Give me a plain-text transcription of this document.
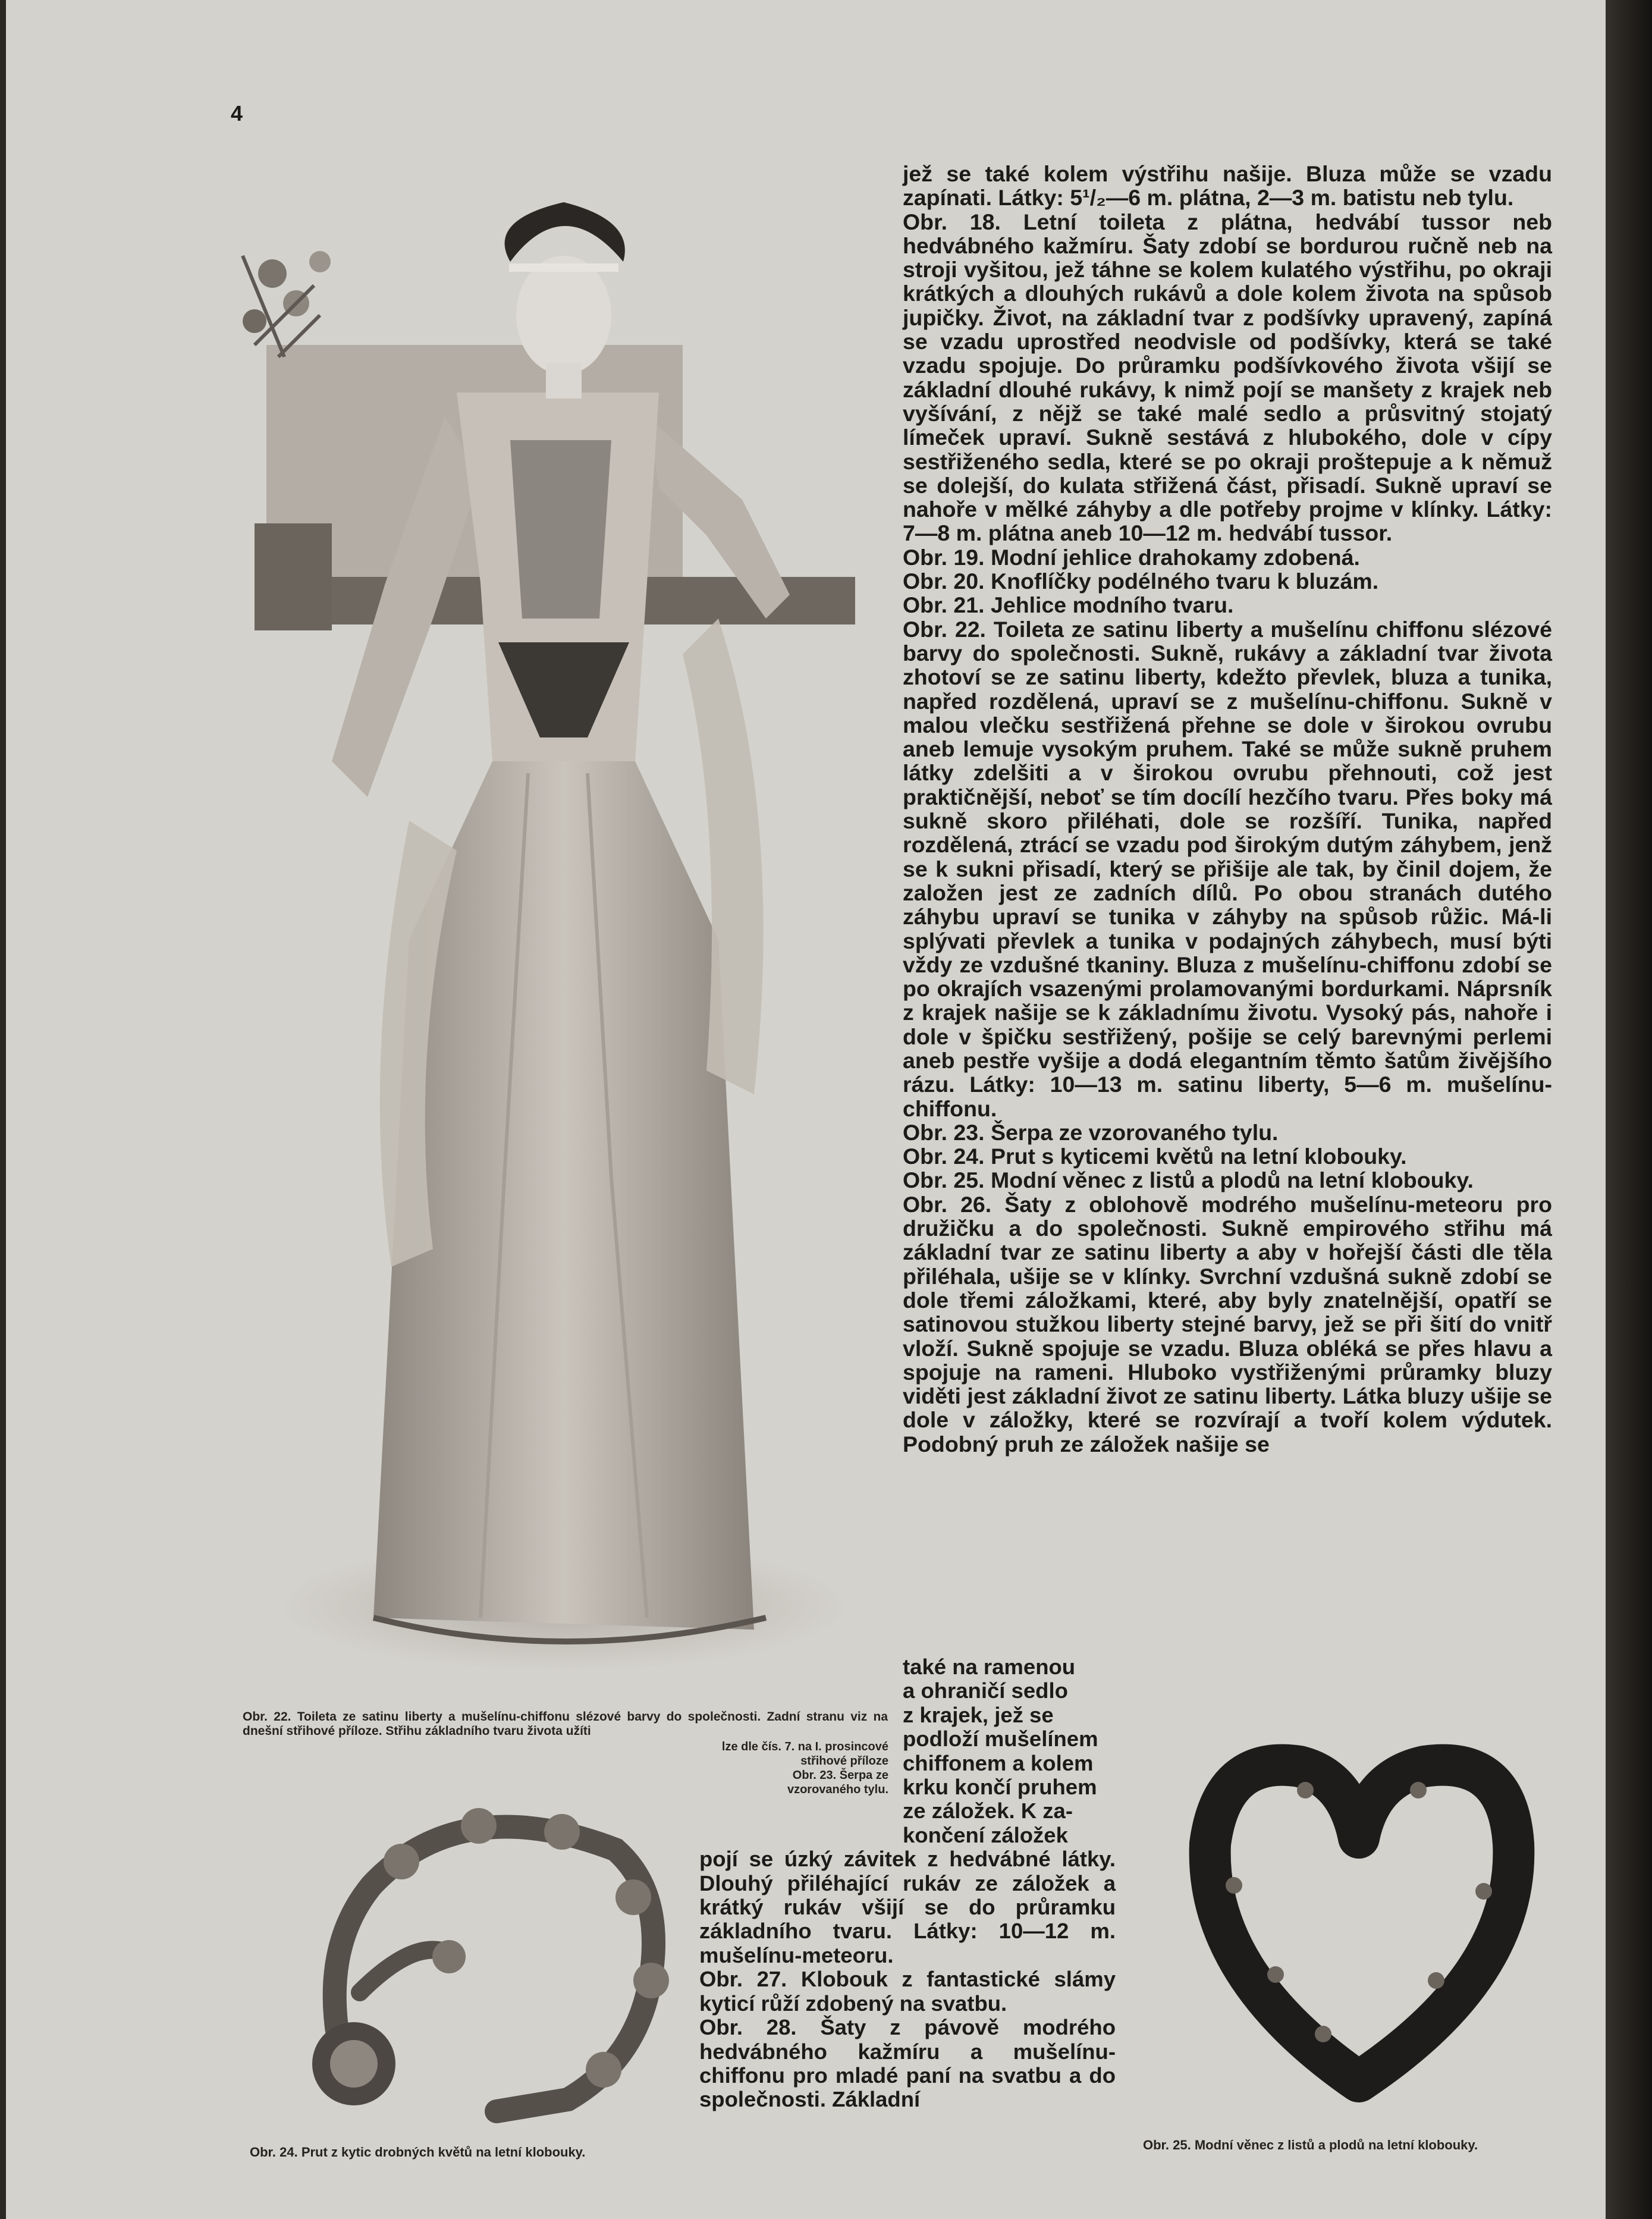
4
jež se také kolem výstřihu našije. Bluza může se vzadu zapínati. Látky: 5¹/₂—6 m. plátna, 2—3 m. batistu neb tylu.
Obr. 18. Letní toileta z plátna, hedvábí tussor neb hedvábného kažmíru. Šaty zdobí se bordurou ručně neb na stroji vyšitou, jež táhne se kolem kulatého výstřihu, po okraji krátkých a dlouhých rukávů a dole kolem života na spůsob jupičky. Život, na základní tvar z podšívky upravený, zapíná se vzadu uprostřed neodvisle od podšívky, která se také vzadu spojuje. Do průramku podšívkového života všijí se základní dlouhé rukávy, k nimž pojí se manšety z krajek neb vyšívání, z nějž se také malé sedlo a průsvitný stojatý límeček upraví. Sukně sestává z hlubokého, dole v cípy sestřiženého sedla, které se po okraji proštepuje a k němuž se dolejší, do kulata střižená část, přisadí. Sukně upraví se nahoře v mělké záhyby a dle potřeby projme v klínky. Látky: 7—8 m. plátna aneb 10—12 m. hedvábí tussor.
Obr. 19. Modní jehlice drahokamy zdobená.
Obr. 20. Knoflíčky podélného tvaru k bluzám.
Obr. 21. Jehlice modního tvaru.
Obr. 22. Toileta ze satinu liberty a mušelínu chiffonu slézové barvy do společnosti. Sukně, rukávy a základní tvar života zhotoví se ze satinu liberty, kdežto převlek, bluza a tunika, napřed rozdělená, upraví se z mušelínu-chiffonu. Sukně v malou vlečku sestřižená přehne se dole v širokou ovrubu aneb lemuje vysokým pruhem. Také se může sukně pruhem látky zdelšiti a v širokou ovrubu přehnouti, což jest praktičnější, neboť se tím docílí hezčího tvaru. Přes boky má sukně skoro přiléhati, dole se rozšíří. Tunika, napřed rozdělená, ztrácí se vzadu pod širokým dutým záhybem, jenž se k sukni přisadí, který se přišije ale tak, by činil dojem, že založen jest ze zadních dílů. Po obou stranách dutého záhybu upraví se tunika v záhyby na spůsob růžic. Má-li splývati převlek a tunika v podajných záhybech, musí býti vždy ze vzdušné tkaniny. Bluza z mušelínu-chiffonu zdobí se po okrajích vsazenými prolamovanými bordurkami. Náprsník z krajek našije se k základnímu životu. Vysoký pás, nahoře i dole v špičku sestřižený, pošije se celý barevnými perlemi aneb pestře vyšije a dodá elegantním těmto šatům živějšího rázu. Látky: 10—13 m. satinu liberty, 5—6 m. mušelínu-chiffonu.
Obr. 23. Šerpa ze vzorovaného tylu.
Obr. 24. Prut s kyticemi květů na letní klobouky.
Obr. 25. Modní věnec z listů a plodů na letní klobouky.
Obr. 26. Šaty z oblohově modrého mušelínu-meteoru pro družičku a do společnosti. Sukně empirového střihu má základní tvar ze satinu liberty a aby v hořejší části dle těla přiléhala, ušije se v klínky. Svrchní vzdušná sukně zdobí se dole třemi záložkami, které, aby byly znatelnější, opatří se satinovou stužkou liberty stejné barvy, jež se při šití do vnitř vloží. Sukně spojuje se vzadu. Bluza obléká se přes hlavu a spojuje na rameni. Hluboko vystřiženými průramky bluzy viděti jest základní život ze satinu liberty. Látka bluzy ušije se dole v záložky, které se rozvírají a tvoří kolem výdutek. Podobný pruh ze záložek našije se
také na ramenou
a ohraničí sedlo
z krajek, jež se
podloží mušelínem
chiffonem a kolem
krku končí pruhem
ze záložek. K za-
končení záložek

pojí se úzký závitek z hedvábné látky. Dlouhý přiléhající rukáv ze záložek a krátký rukáv všijí se do průramku základního tvaru. Látky: 10—12 m. mušelínu-meteoru.
Obr. 27. Klobouk z fantastické slámy kyticí růží zdobený na svatbu.
Obr. 28. Šaty z pávově modrého hedvábného kažmíru a mušelínu-chiffonu pro mladé paní na svatbu a do společnosti. Základní
Obr. 22. Toileta ze satinu liberty a mušelínu-chiffonu slézové barvy do společnosti. Zadní stranu viz na dnešní střihové příloze. Střihu základního tvaru života užíti
lze dle čís. 7. na I. prosincové střihové příloze
Obr. 23. Šerpa ze vzorovaného tylu.
Obr. 24. Prut z kytic drobných květů na letní klobouky.	Obr. 25. Modní věnec z listů a plodů na letní klobouky.
